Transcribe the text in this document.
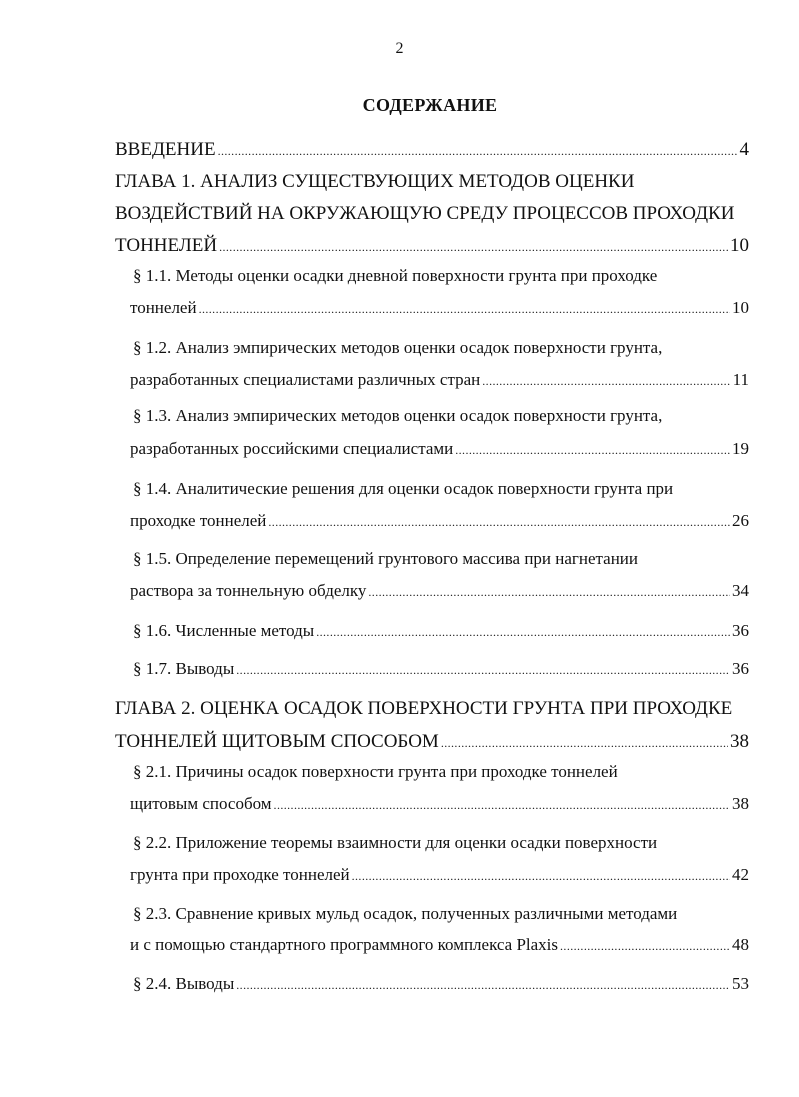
2
СОДЕРЖАНИЕ
ВВЕДЕНИЕ .....	4
ГЛАВА 1. АНАЛИЗ СУЩЕСТВУЮЩИХ МЕТОДОВ ОЦЕНКИ
ВОЗДЕЙСТВИЙ НА ОКРУЖАЮЩУЮ СРЕДУ ПРОЦЕССОВ ПРОХОДКИ
ТОННЕЛЕЙ .....	10
§ 1.1. Методы оценки осадки дневной поверхности грунта при проходке
тоннелей .....	10
§ 1.2. Анализ эмпирических методов оценки осадок поверхности грунта,
разработанных специалистами различных стран .....	11
§ 1.3. Анализ эмпирических методов оценки осадок поверхности грунта,
разработанных российскими специалистами .....	19
§ 1.4. Аналитические решения для оценки осадок поверхности грунта при
проходке тоннелей .....	26
§ 1.5. Определение перемещений грунтового массива при нагнетании
раствора за тоннельную обделку .....	34
§ 1.6. Численные методы .....	36
§ 1.7. Выводы .....	36
ГЛАВА 2. ОЦЕНКА ОСАДОК ПОВЕРХНОСТИ ГРУНТА ПРИ ПРОХОДКЕ
ТОННЕЛЕЙ ЩИТОВЫМ СПОСОБОМ .....	38
§ 2.1. Причины осадок поверхности грунта при проходке тоннелей
щитовым способом .....	38
§ 2.2. Приложение теоремы взаимности для оценки осадки поверхности
грунта при проходке тоннелей .....	42
§ 2.3. Сравнение кривых мульд осадок, полученных различными методами
и с помощью стандартного программного комплекса Plaxis .....	48
§ 2.4. Выводы .....	53
